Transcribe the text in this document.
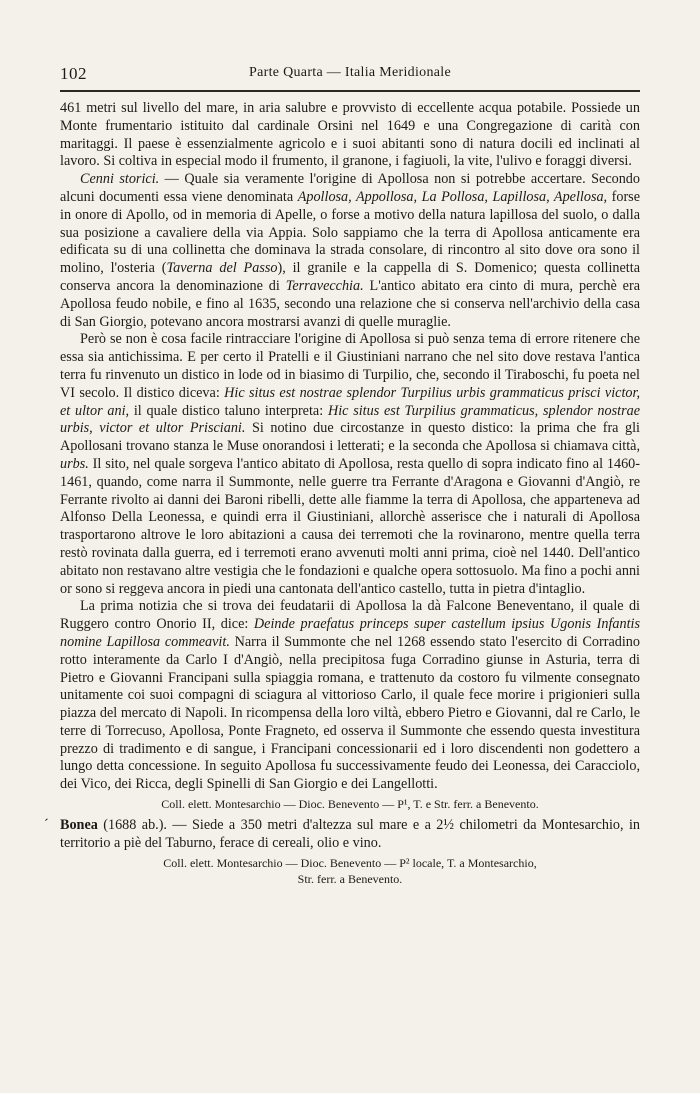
102	Parte Quarta — Italia Meridionale

461 metri sul livello del mare, in aria salubre e provvisto di eccellente acqua potabile. Possiede un Monte frumentario istituito dal cardinale Orsini nel 1649 e una Congregazione di carità con maritaggi. Il paese è essenzialmente agricolo e i suoi abitanti sono di natura docili ed inclinati al lavoro. Si coltiva in especial modo il frumento, il granone, i fagiuoli, la vite, l'ulivo e foraggi diversi.

Cenni storici. — Quale sia veramente l'origine di Apollosa non si potrebbe accertare. Secondo alcuni documenti essa viene denominata Apollosa, Appollosa, La Pollosa, Lapillosa, Apellosa, forse in onore di Apollo, od in memoria di Apelle, o forse a motivo della natura lapillosa del suolo, o dalla sua posizione a cavaliere della via Appia. Solo sappiamo che la terra di Apollosa anticamente era edificata su di una collinetta che dominava la strada consolare, di rincontro al sito dove ora sono il molino, l'osteria (Taverna del Passo), il granile e la cappella di S. Domenico; questa collinetta conserva ancora la denominazione di Terravecchia. L'antico abitato era cinto di mura, perchè era Apollosa feudo nobile, e fino al 1635, secondo una relazione che si conserva nell'archivio della casa di San Giorgio, potevano ancora mostrarsi avanzi di quelle muraglie.

Però se non è cosa facile rintracciare l'origine di Apollosa si può senza tema di errore ritenere che essa sia antichissima. E per certo il Pratelli e il Giustiniani narrano che nel sito dove restava l'antica terra fu rinvenuto un distico in lode od in biasimo di Turpilio, che, secondo il Tiraboschi, fu poeta nel VI secolo. Il distico diceva: Hic situs est nostrae splendor Turpilius urbis grammaticus prisci victor, et ultor ani, il quale distico taluno interpreta: Hic situs est Turpilius grammaticus, splendor nostrae urbis, victor et ultor Prisciani. Si notino due circostanze in questo distico: la prima che fra gli Apollosani trovano stanza le Muse onorandosi i letterati; e la seconda che Apollosa si chiamava città, urbs. Il sito, nel quale sorgeva l'antico abitato di Apollosa, resta quello di sopra indicato fino al 1460-1461, quando, come narra il Summonte, nelle guerre tra Ferrante d'Aragona e Giovanni d'Angiò, re Ferrante rivolto ai danni dei Baroni ribelli, dette alle fiamme la terra di Apollosa, che apparteneva ad Alfonso Della Leonessa, e quindi erra il Giustiniani, allorchè asserisce che i naturali di Apollosa trasportarono altrove le loro abitazioni a causa dei terremoti che la rovinarono, mentre quella terra restò rovinata dalla guerra, ed i terremoti erano avvenuti molti anni prima, cioè nel 1440. Dell'antico abitato non restavano altre vestigia che le fondazioni e qualche opera sottosuolo. Ma fino a pochi anni or sono si reggeva ancora in piedi una cantonata dell'antico castello, tutta in pietra d'intaglio.

La prima notizia che si trova dei feudatarii di Apollosa la dà Falcone Beneventano, il quale di Ruggero contro Onorio II, dice: Deinde praefatus princeps super castellum ipsius Ugonis Infantis nomine Lapillosa commeavit. Narra il Summonte che nel 1268 essendo stato l'esercito di Corradino rotto interamente da Carlo I d'Angiò, nella precipitosa fuga Corradino giunse in Asturia, terra di Pietro e Giovanni Francipani sulla spiaggia romana, e trattenuto da costoro fu vilmente consegnato unitamente coi suoi compagni di sciagura al vittorioso Carlo, il quale fece morire i prigionieri sulla piazza del mercato di Napoli. In ricompensa della loro viltà, ebbero Pietro e Giovanni, dal re Carlo, le terre di Torrecuso, Apollosa, Ponte Fragneto, ed osserva il Summonte che essendo questa investitura prezzo di tradimento e di sangue, i Francipani concessionarii ed i loro discendenti non godettero a lungo detta concessione. In seguito Apollosa fu successivamente feudo dei Leonessa, dei Caracciolo, dei Vico, dei Ricca, degli Spinelli di San Giorgio e dei Langellotti.

Coll. elett. Montesarchio — Dioc. Benevento — P¹, T. e Str. ferr. a Benevento.

´ Bonea (1688 ab.). — Siede a 350 metri d'altezza sul mare e a 2½ chilometri da Montesarchio, in territorio a piè del Taburno, ferace di cereali, olio e vino.

Coll. elett. Montesarchio — Dioc. Benevento — P² locale, T. a Montesarchio,
Str. ferr. a Benevento.
